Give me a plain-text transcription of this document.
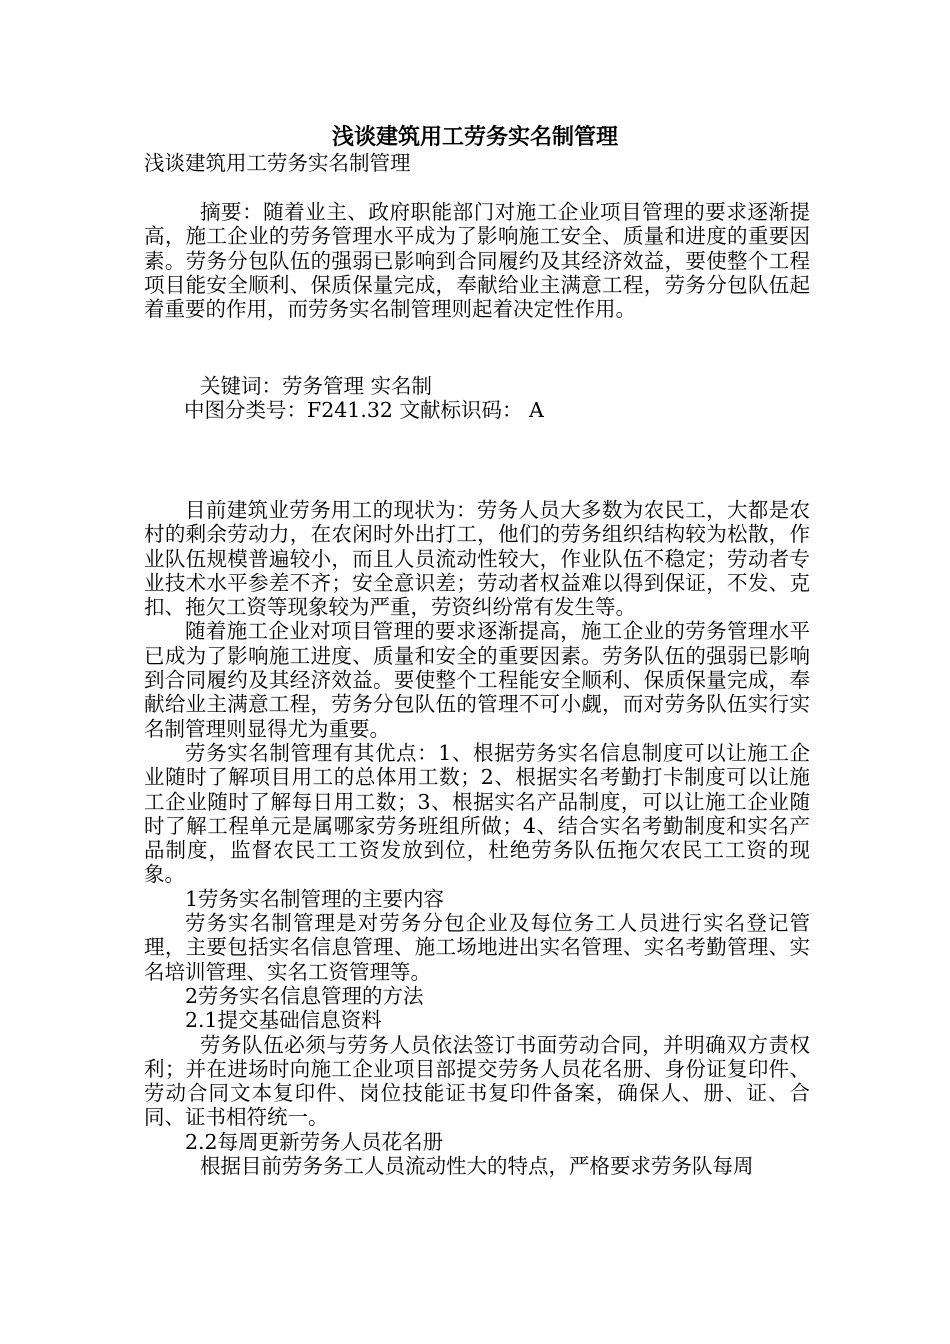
浅谈建筑用工劳务实名制管理
浅谈建筑用工劳务实名制管理
摘要：随着业主、政府职能部门对施工企业项目管理的要求逐渐提高，施工企业的劳务管理水平成为了影响施工安全、质量和进度的重要因素。劳务分包队伍的强弱已影响到合同履约及其经济效益，要使整个工程项目能安全顺利、保质保量完成，奉献给业主满意工程，劳务分包队伍起着重要的作用，而劳务实名制管理则起着决定性作用。
关键词：劳务管理 实名制
中图分类号：F241.32 文献标识码： A

目前建筑业劳务用工的现状为：劳务人员大多数为农民工，大都是农村的剩余劳动力，在农闲时外出打工，他们的劳务组织结构较为松散，作业队伍规模普遍较小，而且人员流动性较大，作业队伍不稳定；劳动者专业技术水平参差不齐；安全意识差；劳动者权益难以得到保证，不发、克扣、拖欠工资等现象较为严重，劳资纠纷常有发生等。

随着施工企业对项目管理的要求逐渐提高，施工企业的劳务管理水平已成为了影响施工进度、质量和安全的重要因素。劳务队伍的强弱已影响到合同履约及其经济效益。要使整个工程能安全顺利、保质保量完成，奉献给业主满意工程，劳务分包队伍的管理不可小觑，而对劳务队伍实行实名制管理则显得尤为重要。

劳务实名制管理有其优点：1、根据劳务实名信息制度可以让施工企业随时了解项目用工的总体用工数；2、根据实名考勤打卡制度可以让施工企业随时了解每日用工数；3、根据实名产品制度，可以让施工企业随时了解工程单元是属哪家劳务班组所做；4、结合实名考勤制度和实名产品制度，监督农民工工资发放到位，杜绝劳务队伍拖欠农民工工资的现象。

1劳务实名制管理的主要内容

劳务实名制管理是对劳务分包企业及每位务工人员进行实名登记管理，主要包括实名信息管理、施工场地进出实名管理、实名考勤管理、实名培训管理、实名工资管理等。

2劳务实名信息管理的方法

2.1提交基础信息资料

劳务队伍必须与劳务人员依法签订书面劳动合同，并明确双方责权利；并在进场时向施工企业项目部提交劳务人员花名册、身份证复印件、劳动合同文本复印件、岗位技能证书复印件备案，确保人、册、证、合同、证书相符统一。

2.2每周更新劳务人员花名册

根据目前劳务务工人员流动性大的特点，严格要求劳务队每周
